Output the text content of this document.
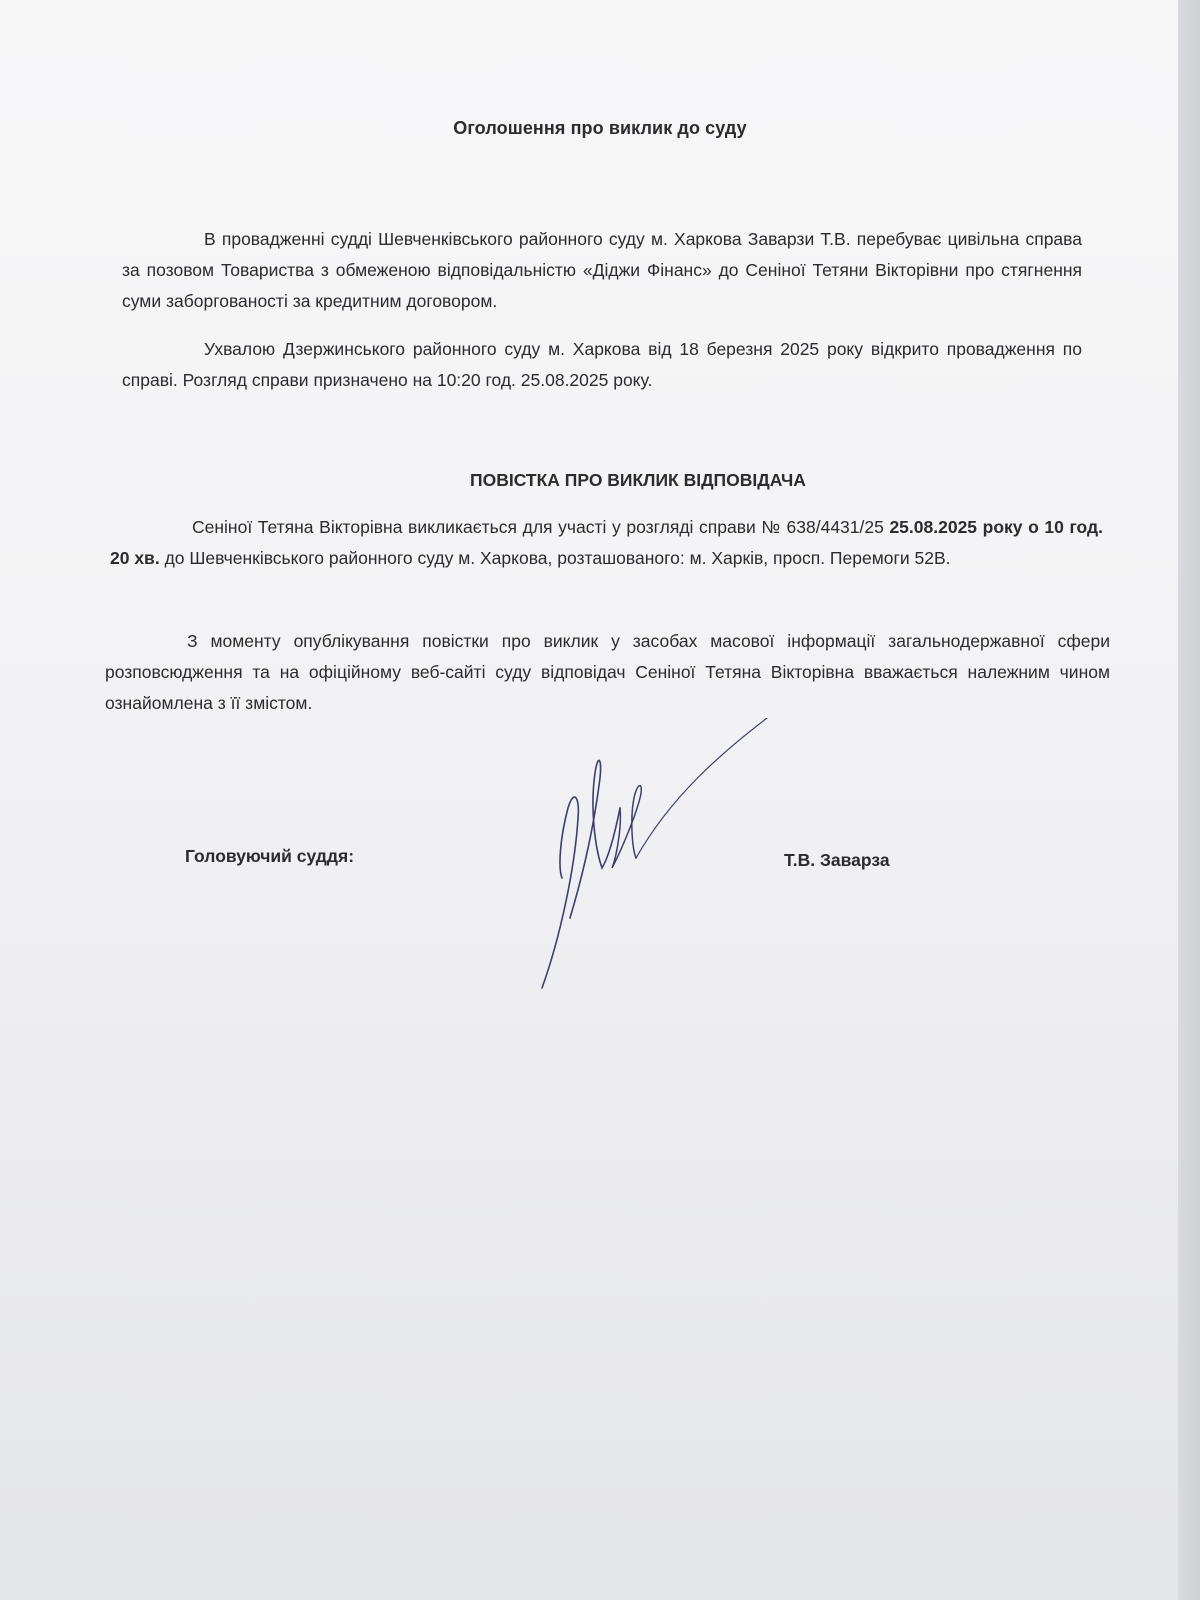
Оголошення про виклик до суду
В провадженні судді Шевченківського районного суду м. Харкова Заварзи Т.В. перебуває цивільна справа за позовом Товариства з обмеженою відповідальністю «Діджи Фінанс» до Сеніної Тетяни Вікторівни про стягнення суми заборгованості за кредитним договором.
Ухвалою Дзержинського районного суду м. Харкова від 18 березня 2025 року відкрито провадження по справі. Розгляд справи призначено на 10:20 год. 25.08.2025 року.
ПОВІСТКА ПРО ВИКЛИК ВІДПОВІДАЧА
Сеніної Тетяна Вікторівна викликається для участі у розгляді справи № 638/4431/25 25.08.2025 року о 10 год. 20 хв. до Шевченківського районного суду м. Харкова, розташованого: м. Харків, просп. Перемоги 52В.
З моменту опублікування повістки про виклик у засобах масової інформації загальнодержавної сфери розповсюдження та на офіційному веб-сайті суду відповідач Сеніної Тетяна Вікторівна вважається належним чином ознайомлена з її змістом.
Головуючий суддя:	Т.В. Заварза
